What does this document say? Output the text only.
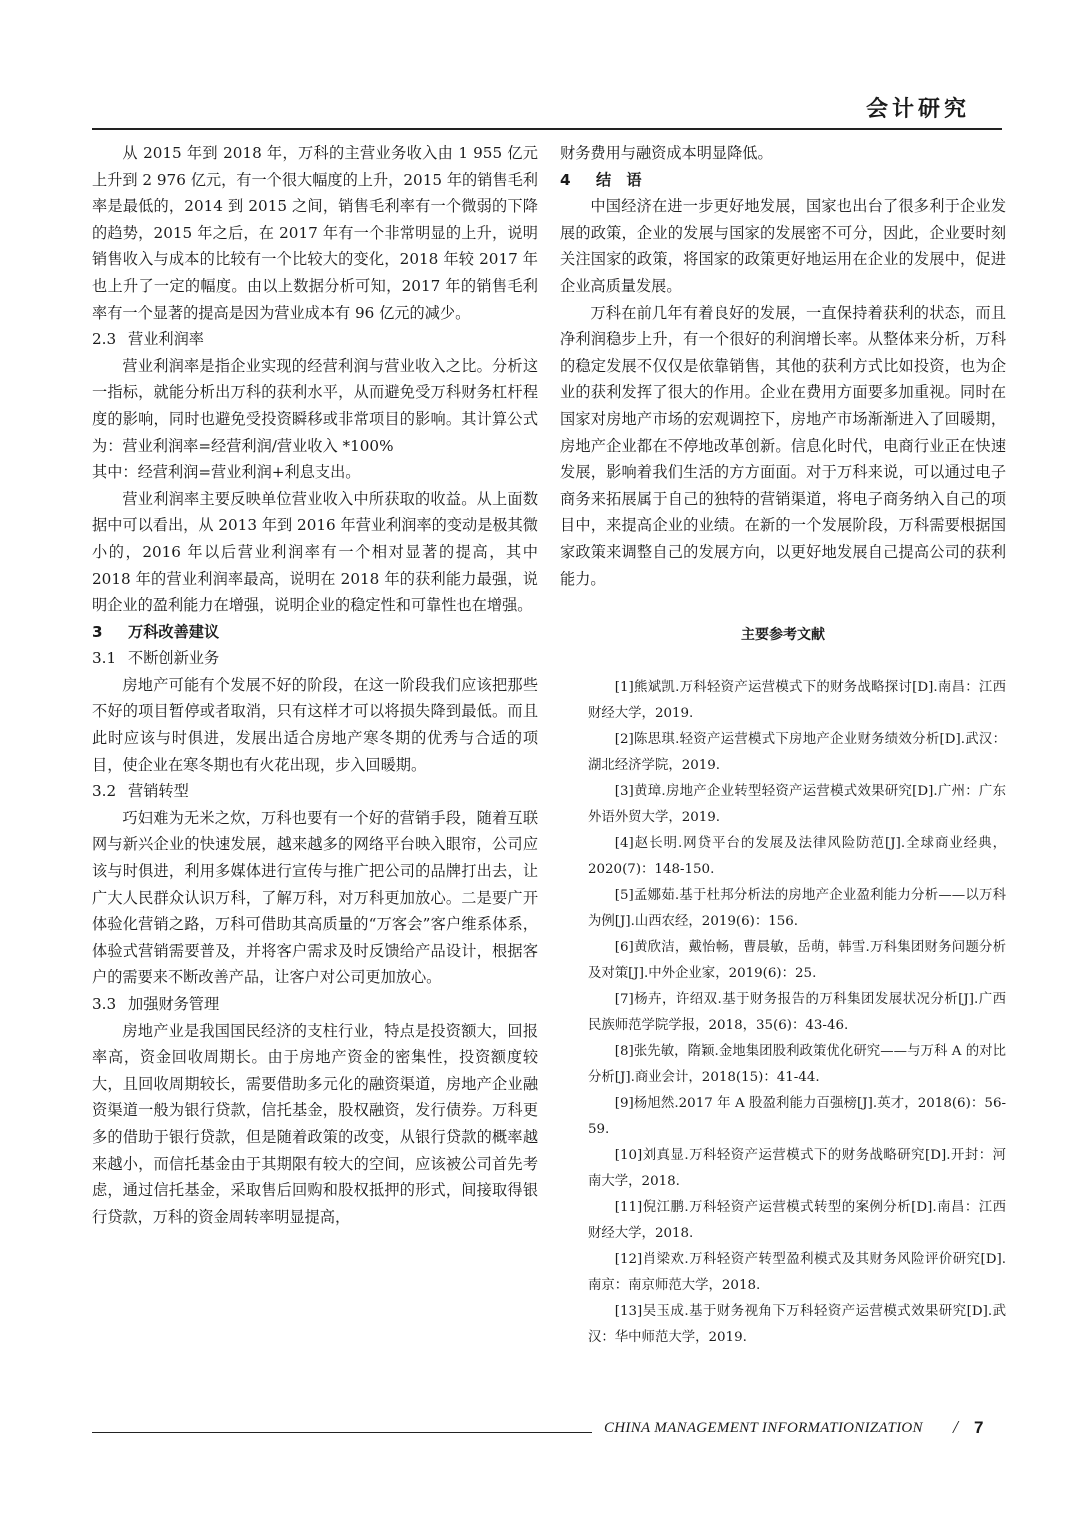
会计研究

从 2015 年到 2018 年，万科的主营业务收入由 1 955 亿元上升到 2 976 亿元，有一个很大幅度的上升，2015 年的销售毛利率是最低的，2014 到 2015 之间，销售毛利率有一个微弱的下降的趋势，2015 年之后，在 2017 年有一个非常明显的上升，说明销售收入与成本的比较有一个比较大的变化，2018 年较 2017 年也上升了一定的幅度。由以上数据分析可知，2017 年的销售毛利率有一个显著的提高是因为营业成本有 96 亿元的减少。

2.3 营业利润率

营业利润率是指企业实现的经营利润与营业收入之比。分析这一指标，就能分析出万科的获利水平，从而避免受万科财务杠杆程度的影响，同时也避免受投资瞬移或非常项目的影响。其计算公式为：营业利润率=经营利润/营业收入 *100%

其中：经营利润=营业利润+利息支出。

营业利润率主要反映单位营业收入中所获取的收益。从上面数据中可以看出，从 2013 年到 2016 年营业利润率的变动是极其微小的，2016 年以后营业利润率有一个相对显著的提高，其中 2018 年的营业利润率最高，说明在 2018 年的获利能力最强，说明企业的盈利能力在增强，说明企业的稳定性和可靠性也在增强。

3 万科改善建议
3.1 不断创新业务

房地产可能有个发展不好的阶段，在这一阶段我们应该把那些不好的项目暂停或者取消，只有这样才可以将损失降到最低。而且此时应该与时俱进，发展出适合房地产寒冬期的优秀与合适的项目，使企业在寒冬期也有火花出现，步入回暖期。

3.2 营销转型

巧妇难为无米之炊，万科也要有一个好的营销手段，随着互联网与新兴企业的快速发展，越来越多的网络平台映入眼帘，公司应该与时俱进，利用多媒体进行宣传与推广把公司的品牌打出去，让广大人民群众认识万科，了解万科，对万科更加放心。二是要广开体验化营销之路，万科可借助其高质量的“万客会”客户维系体系，体验式营销需要普及，并将客户需求及时反馈给产品设计，根据客户的需要来不断改善产品，让客户对公司更加放心。

3.3 加强财务管理

房地产业是我国国民经济的支柱行业，特点是投资额大，回报率高，资金回收周期长。由于房地产资金的密集性，投资额度较大，且回收周期较长，需要借助多元化的融资渠道，房地产企业融资渠道一般为银行贷款，信托基金，股权融资，发行债券。万科更多的借助于银行贷款，但是随着政策的改变，从银行贷款的概率越来越小，而信托基金由于其期限有较大的空间，应该被公司首先考虑，通过信托基金，采取售后回购和股权抵押的形式，间接取得银行贷款，万科的资金周转率明显提高，

财务费用与融资成本明显降低。

4 结　语

中国经济在进一步更好地发展，国家也出台了很多利于企业发展的政策，企业的发展与国家的发展密不可分，因此，企业要时刻关注国家的政策，将国家的政策更好地运用在企业的发展中，促进企业高质量发展。

万科在前几年有着良好的发展，一直保持着获利的状态，而且净利润稳步上升，有一个很好的利润增长率。从整体来分析，万科的稳定发展不仅仅是依靠销售，其他的获利方式比如投资，也为企业的获利发挥了很大的作用。企业在费用方面要多加重视。同时在国家对房地产市场的宏观调控下，房地产市场渐渐进入了回暖期，房地产企业都在不停地改革创新。信息化时代，电商行业正在快速发展，影响着我们生活的方方面面。对于万科来说，可以通过电子商务来拓展属于自己的独特的营销渠道，将电子商务纳入自己的项目中，来提高企业的业绩。在新的一个发展阶段，万科需要根据国家政策来调整自己的发展方向，以更好地发展自己提高公司的获利能力。

主要参考文献

[1]熊斌凯.万科轻资产运营模式下的财务战略探讨[D].南昌：江西财经大学，2019.

[2]陈思琪.轻资产运营模式下房地产企业财务绩效分析[D].武汉：湖北经济学院，2019.

[3]黄璋.房地产企业转型轻资产运营模式效果研究[D].广州：广东外语外贸大学，2019.

[4]赵长明.网贷平台的发展及法律风险防范[J].全球商业经典，2020(7)：148-150.

[5]孟娜茹.基于杜邦分析法的房地产企业盈利能力分析——以万科为例[J].山西农经，2019(6)：156.

[6]黄欣洁，戴怡畅，曹晨敏，岳萌，韩雪.万科集团财务问题分析及对策[J].中外企业家，2019(6)：25.

[7]杨卉，许绍双.基于财务报告的万科集团发展状况分析[J].广西民族师范学院学报，2018，35(6)：43-46.

[8]张先敏，隋颖.金地集团股利政策优化研究——与万科 A 的对比分析[J].商业会计，2018(15)：41-44.

[9]杨旭然.2017 年 A 股盈利能力百强榜[J].英才，2018(6)：56-59.

[10]刘真显.万科轻资产运营模式下的财务战略研究[D].开封：河南大学，2018.

[11]倪江鹏.万科轻资产运营模式转型的案例分析[D].南昌：江西财经大学，2018.

[12]肖梁欢.万科轻资产转型盈利模式及其财务风险评价研究[D].南京：南京师范大学，2018.

[13]吴玉成.基于财务视角下万科轻资产运营模式效果研究[D].武汉：华中师范大学，2019.

CHINA MANAGEMENT INFORMATIONIZATION / 7
